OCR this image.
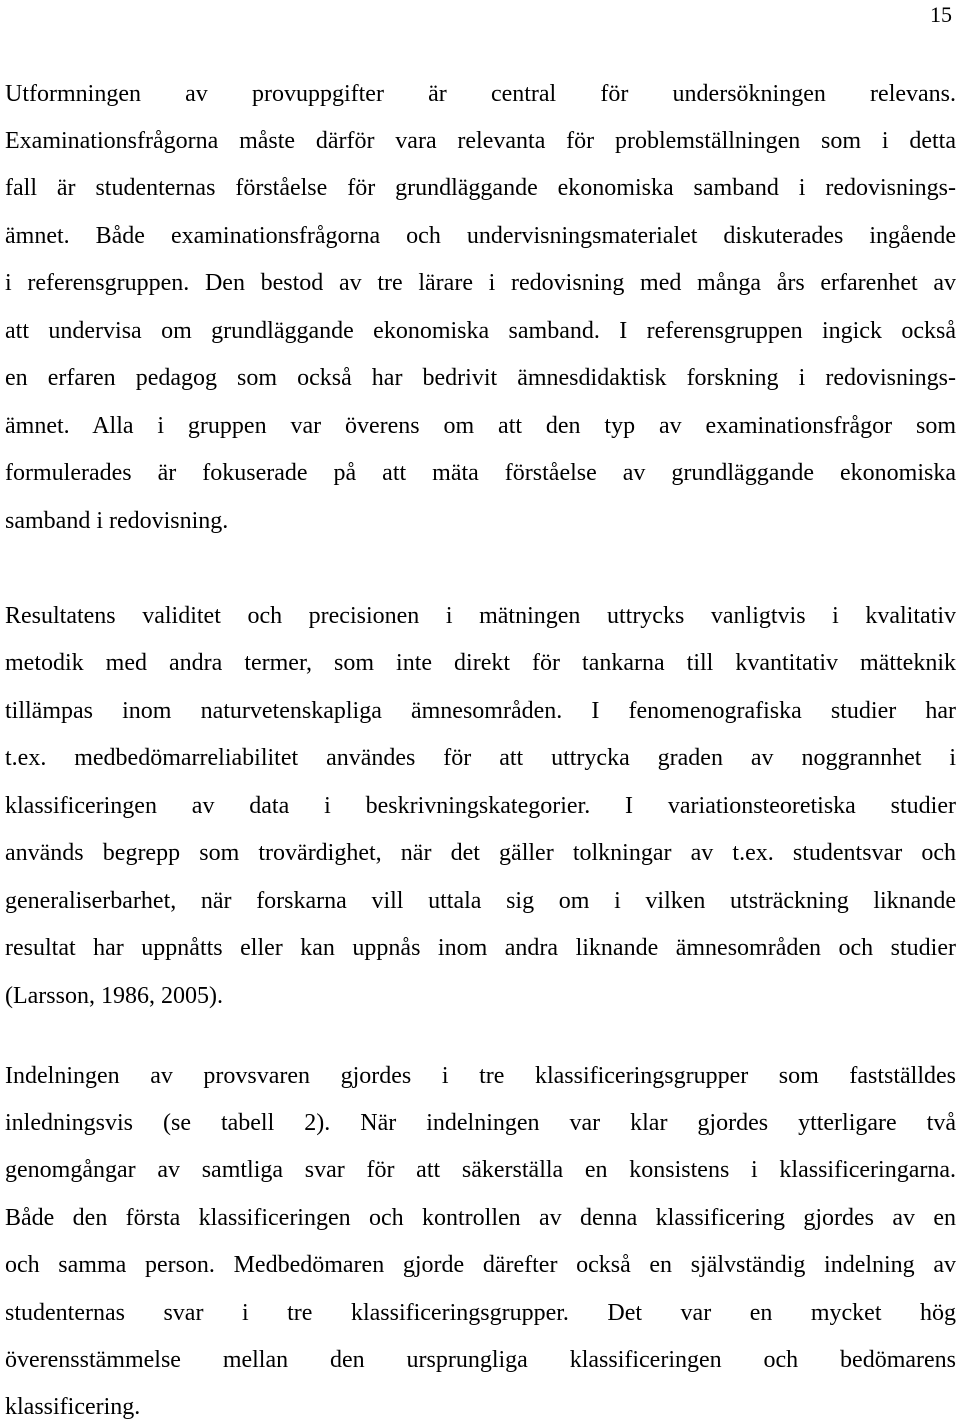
15
Utformningen av provuppgifter är central för undersökningen relevans.
Examinationsfrågorna måste därför vara relevanta för problemställningen som i detta
fall är studenternas förståelse för grundläggande ekonomiska samband i redovisnings-
ämnet. Både examinationsfrågorna och undervisningsmaterialet diskuterades ingående
i referensgruppen. Den bestod av tre lärare i redovisning med många års erfarenhet av
att undervisa om grundläggande ekonomiska samband. I referensgruppen ingick också
en erfaren pedagog som också har bedrivit ämnesdidaktisk forskning i redovisnings-
ämnet. Alla i gruppen var överens om att den typ av examinationsfrågor som
formulerades är fokuserade på att mäta förståelse av grundläggande ekonomiska
samband i redovisning.
Resultatens validitet och precisionen i mätningen uttrycks vanligtvis i kvalitativ
metodik med andra termer, som inte direkt för tankarna till kvantitativ mätteknik
tillämpas inom naturvetenskapliga ämnesområden. I fenomenografiska studier har
t.ex. medbedömarreliabilitet användes för att uttrycka graden av noggrannhet i
klassificeringen av data i beskrivningskategorier. I variationsteoretiska studier
används begrepp som trovärdighet, när det gäller tolkningar av t.ex. studentsvar och
generaliserbarhet, när forskarna vill uttala sig om i vilken utsträckning liknande
resultat har uppnåtts eller kan uppnås inom andra liknande ämnesområden och studier
(Larsson, 1986, 2005).
Indelningen av provsvaren gjordes i tre klassificeringsgrupper som fastställdes
inledningsvis (se tabell 2). När indelningen var klar gjordes ytterligare två
genomgångar av samtliga svar för att säkerställa en konsistens i klassificeringarna.
Både den första klassificeringen och kontrollen av denna klassificering gjordes av en
och samma person. Medbedömaren gjorde därefter också en självständig indelning av
studenternas svar i tre klassificeringsgrupper. Det var en mycket hög
överensstämmelse mellan den ursprungliga klassificeringen och bedömarens
klassificering.
